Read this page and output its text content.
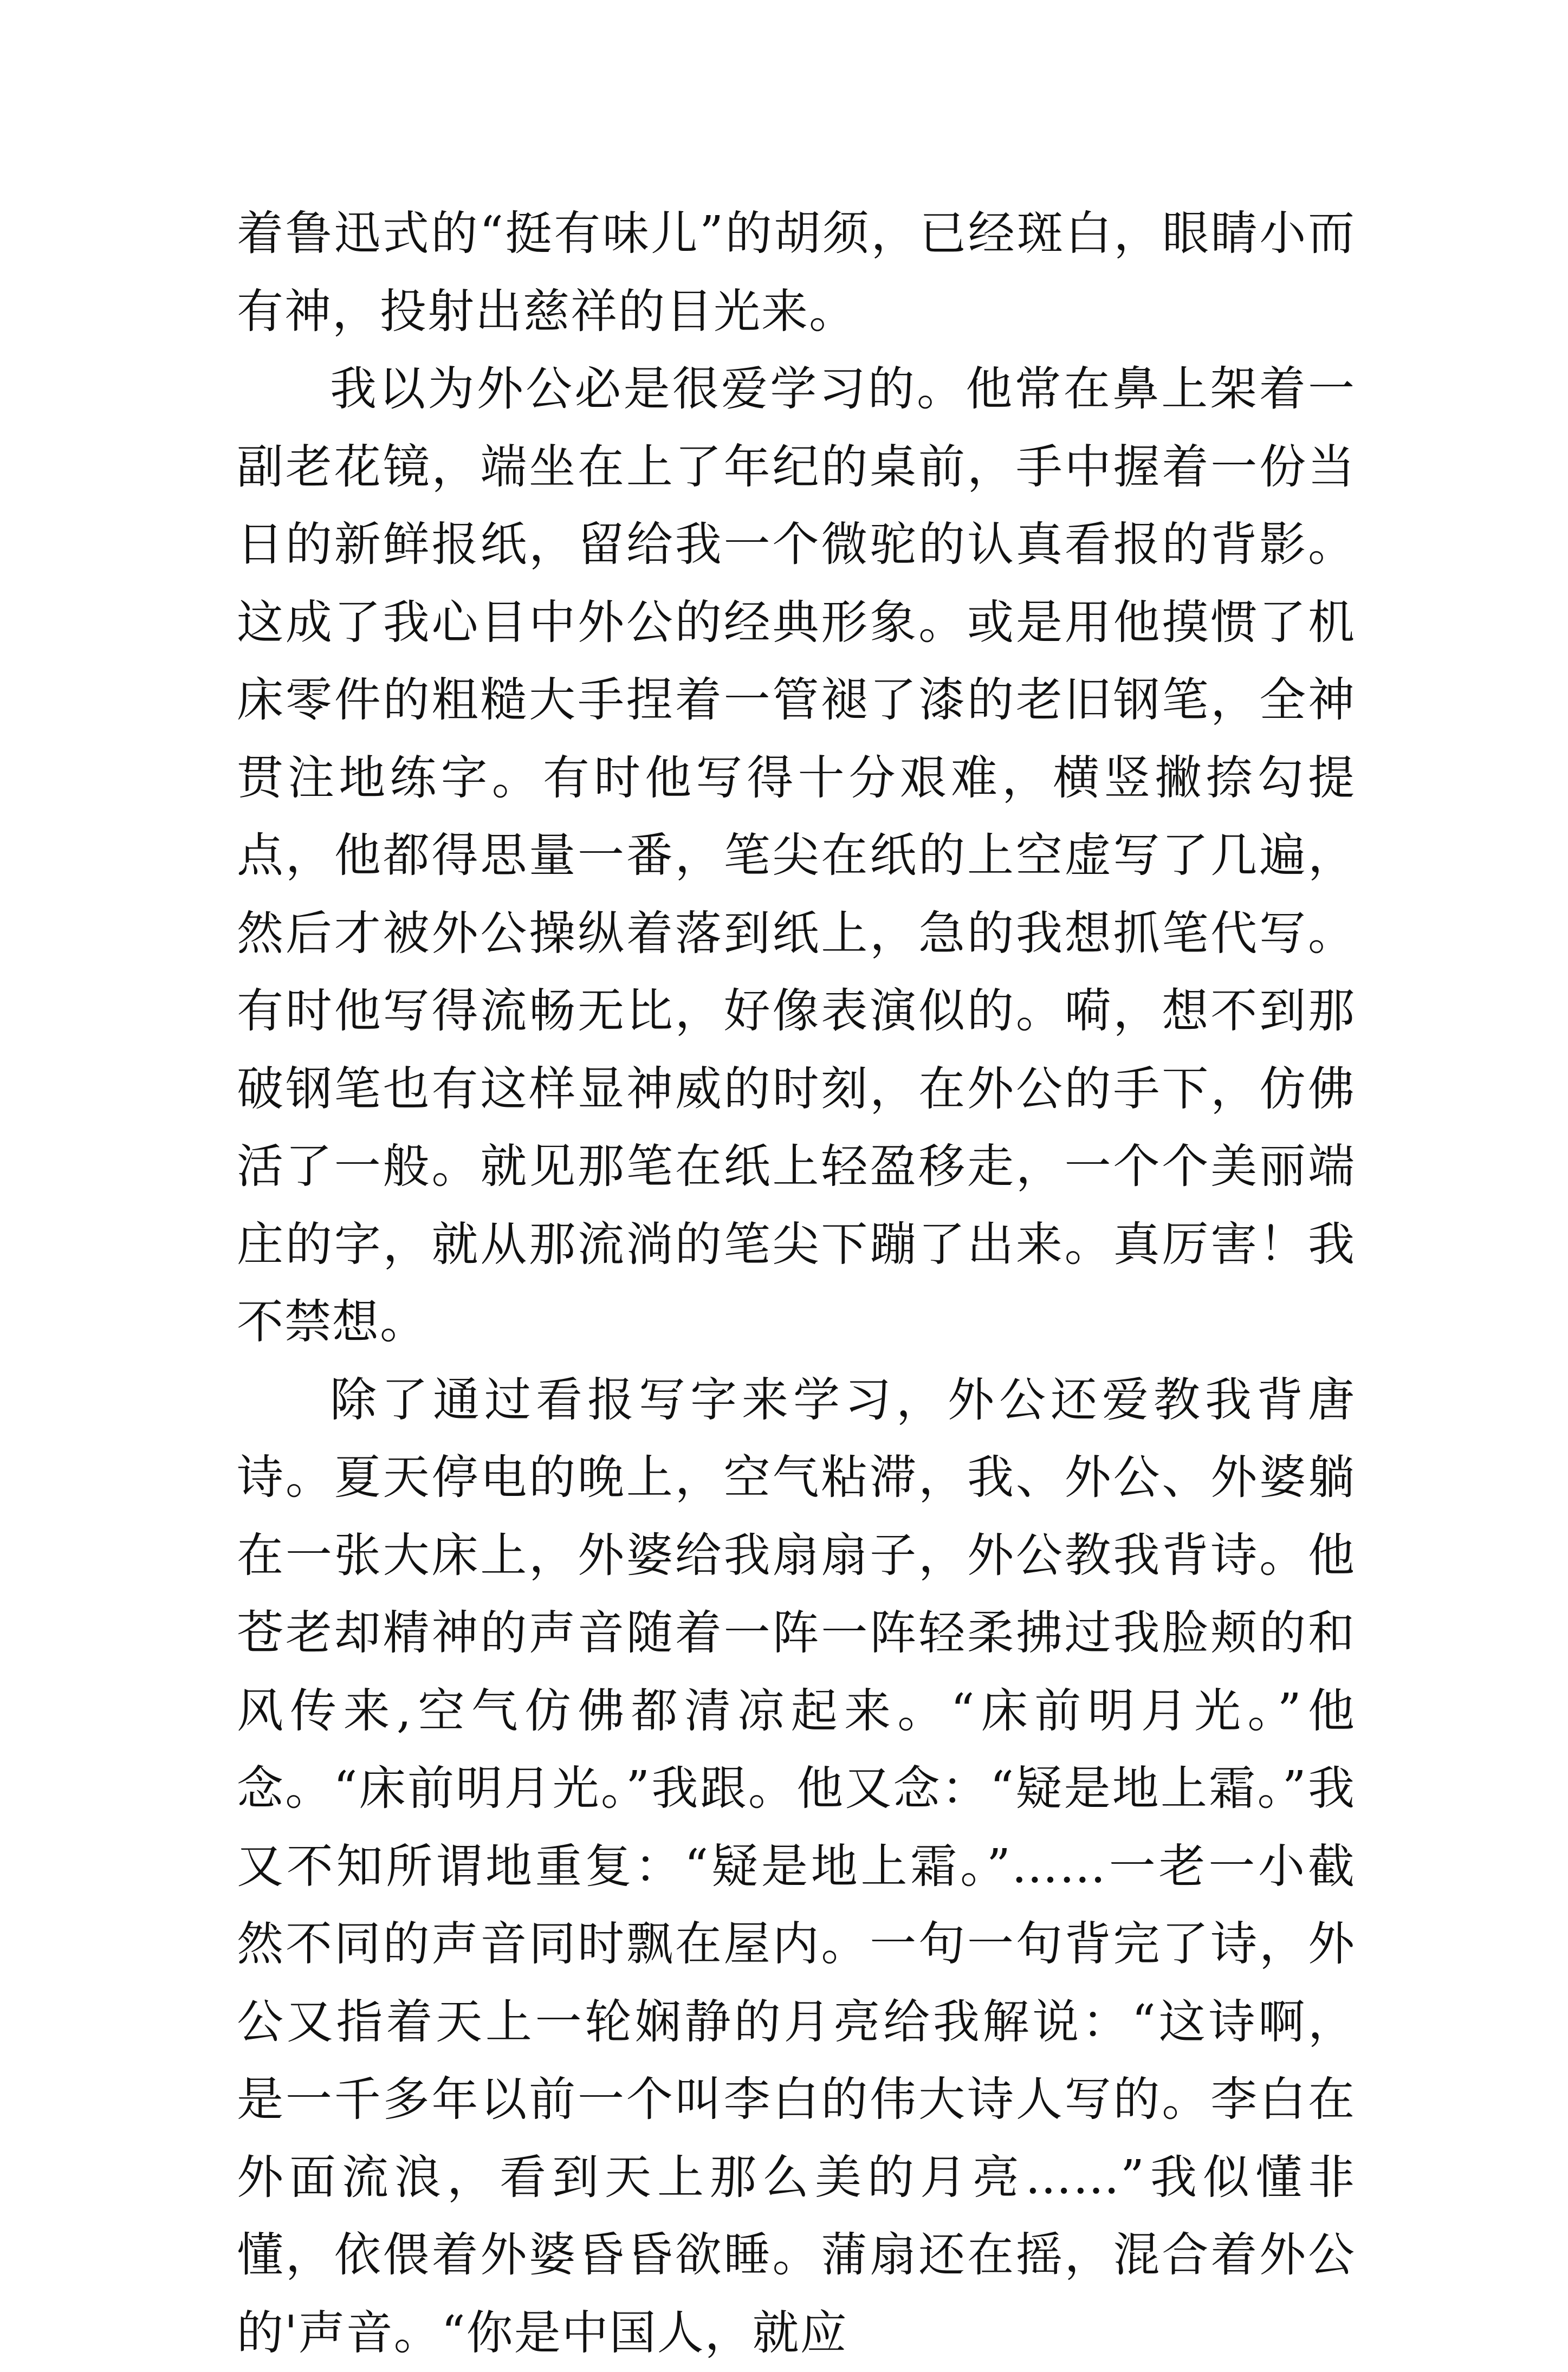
着鲁迅式的“挺有味儿”的胡须，已经斑白，眼睛小而有神，投射出慈祥的目光来。

我以为外公必是很爱学习的。他常在鼻上架着一副老花镜，端坐在上了年纪的桌前，手中握着一份当日的新鲜报纸，留给我一个微驼的认真看报的背影。这成了我心目中外公的经典形象。或是用他摸惯了机床零件的粗糙大手捏着一管褪了漆的老旧钢笔，全神贯注地练字。有时他写得十分艰难，横竖撇捺勾提点，他都得思量一番，笔尖在纸的上空虚写了几遍，然后才被外公操纵着落到纸上，急的我想抓笔代写。有时他写得流畅无比，好像表演似的。嗬，想不到那破钢笔也有这样显神威的时刻，在外公的手下，仿佛活了一般。就见那笔在纸上轻盈移走，一个个美丽端庄的字，就从那流淌的笔尖下蹦了出来。真厉害！我不禁想。

除了通过看报写字来学习，外公还爱教我背唐诗。夏天停电的晚上，空气粘滞，我、外公、外婆躺在一张大床上，外婆给我扇扇子，外公教我背诗。他苍老却精神的声音随着一阵一阵轻柔拂过我脸颊的和风传来,空气仿佛都清凉起来。“床前明月光。”他念。“床前明月光。”我跟。他又念：“疑是地上霜。”我又不知所谓地重复：“疑是地上霜。”……一老一小截然不同的声音同时飘在屋内。一句一句背完了诗，外公又指着天上一轮娴静的月亮给我解说：“这诗啊，是一千多年以前一个叫李白的伟大诗人写的。李白在外面流浪，看到天上那么美的月亮……”我似懂非懂，依偎着外婆昏昏欲睡。蒲扇还在摇，混合着外公的'声音。“你是中国人，就应
